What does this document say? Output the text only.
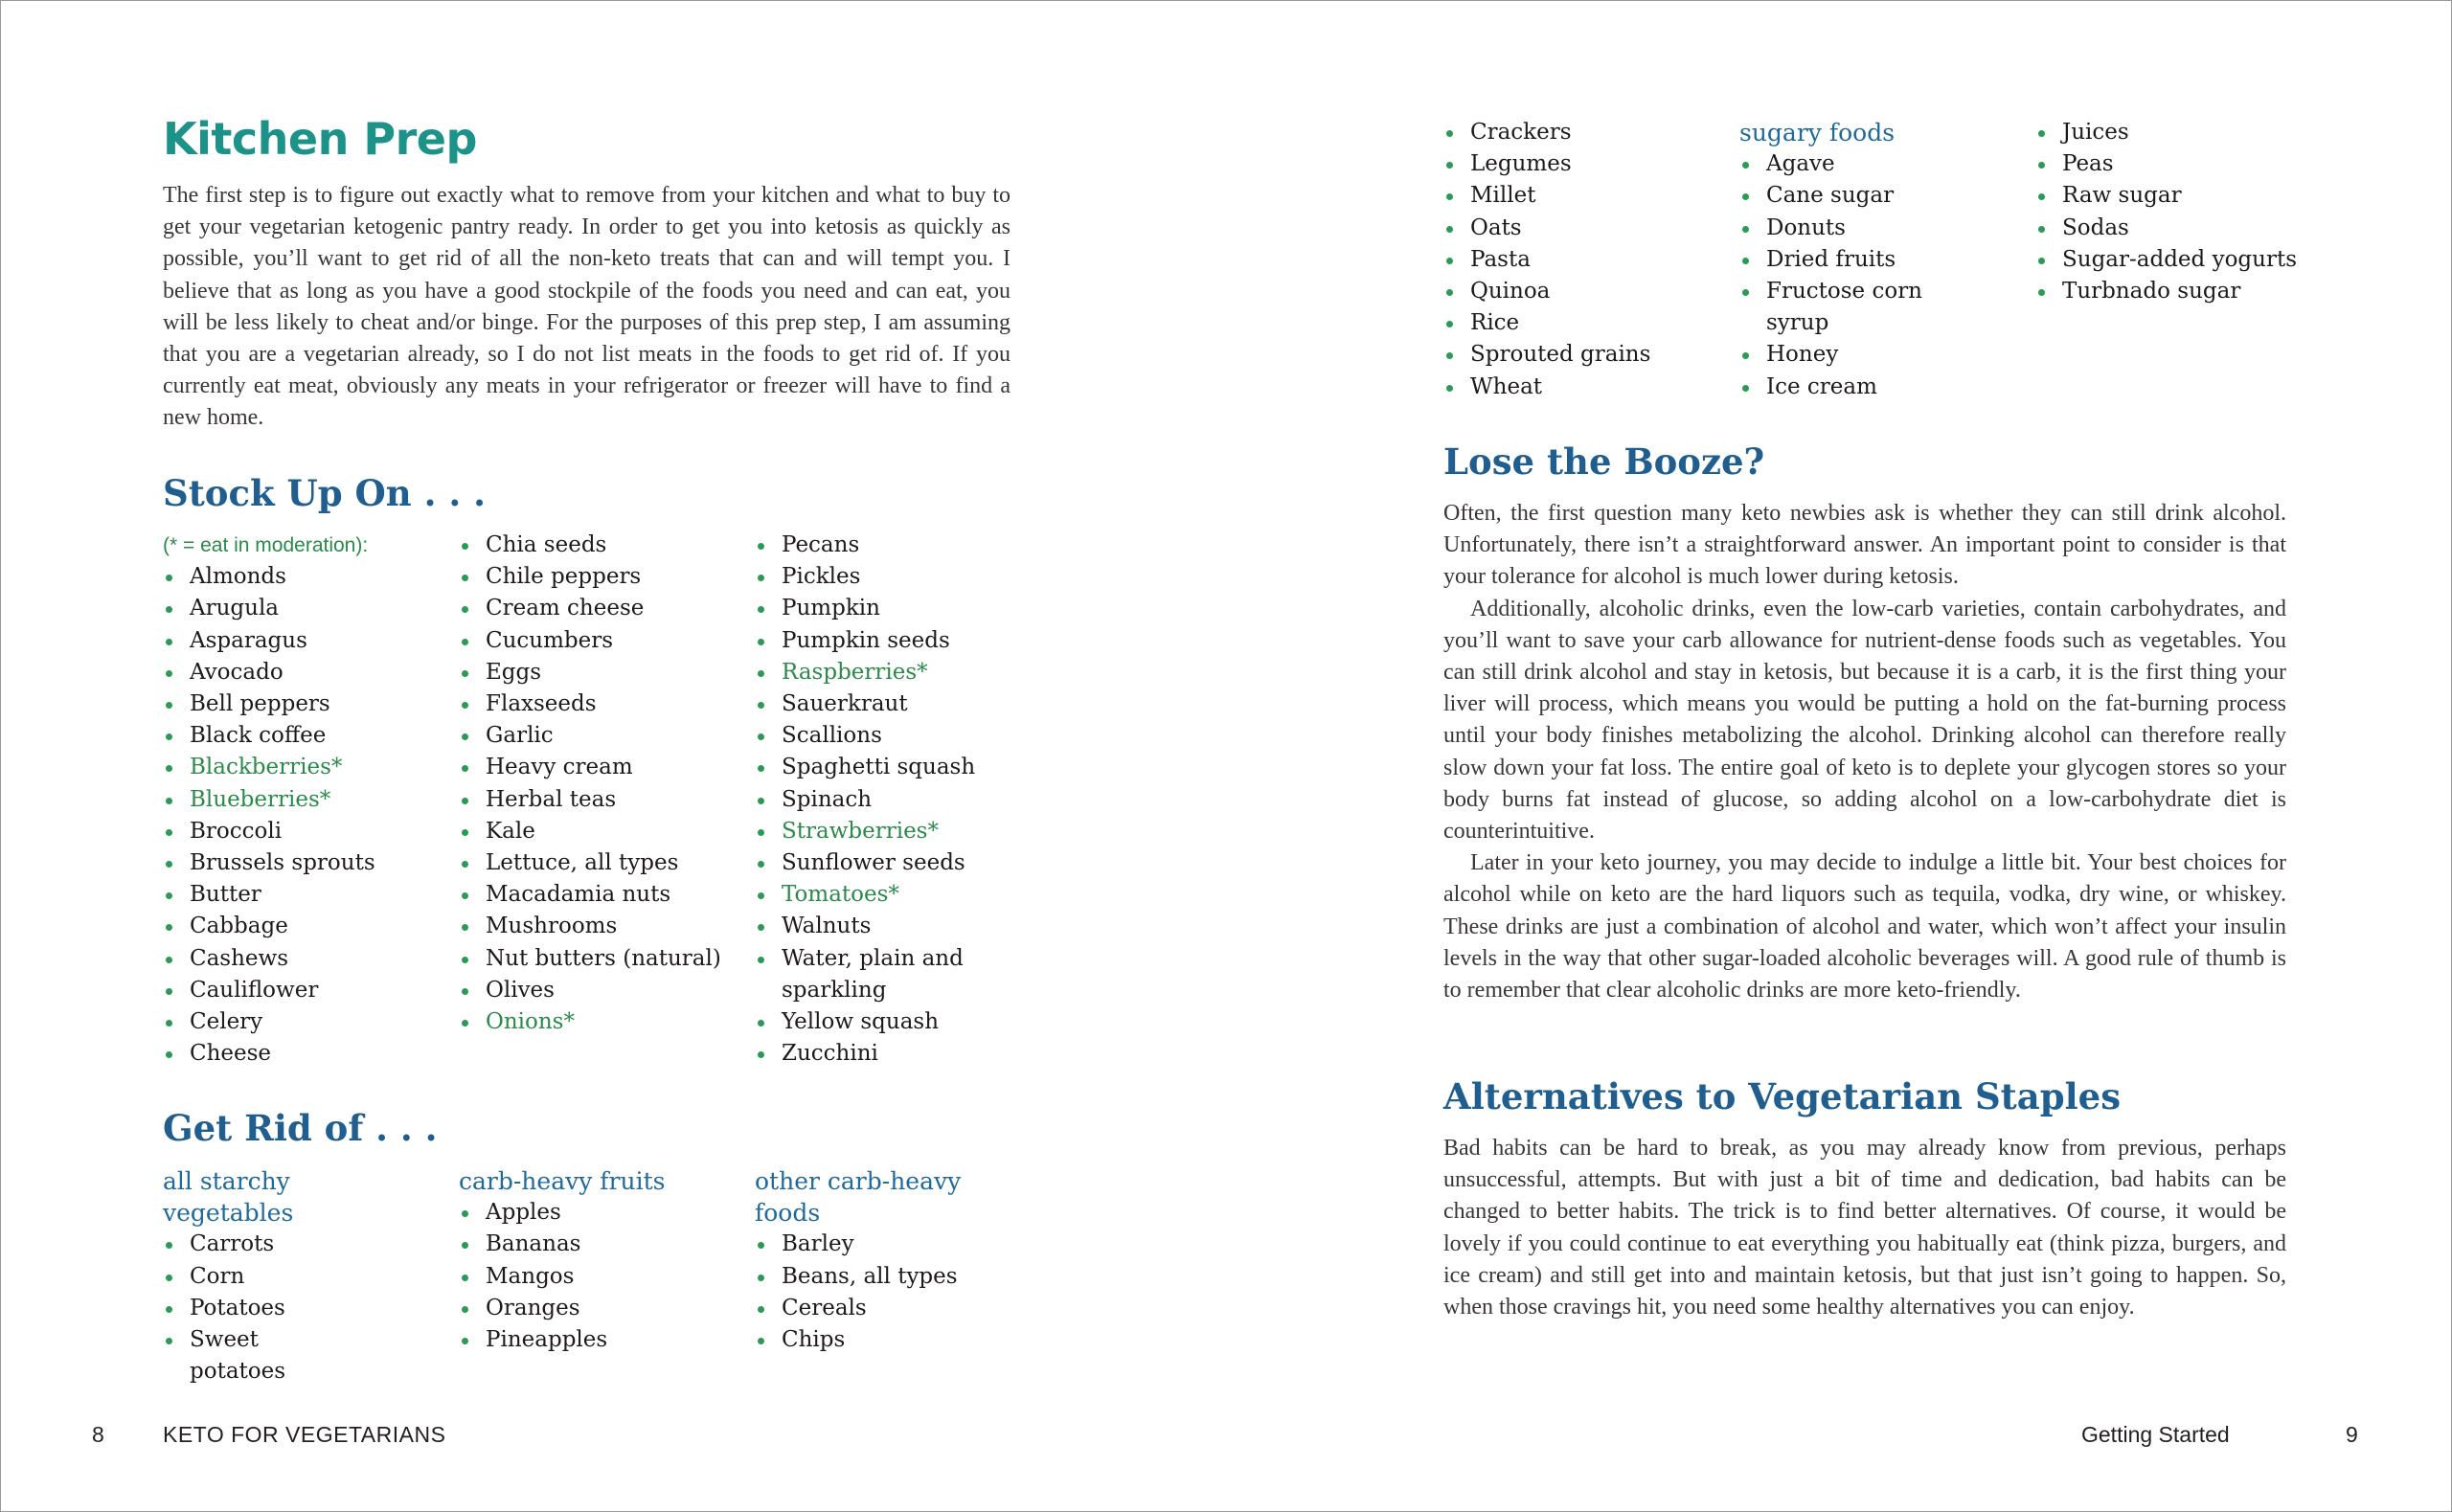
Kitchen Prep

The first step is to figure out exactly what to remove from your kitchen and what to buy to get your vegetarian ketogenic pantry ready. In order to get you into ketosis as quickly as possible, you’ll want to get rid of all the non-keto treats that can and will tempt you. I believe that as long as you have a good stockpile of the foods you need and can eat, you will be less likely to cheat and/or binge. For the purposes of this prep step, I am assuming that you are a vegetarian already, so I do not list meats in the foods to get rid of. If you currently eat meat, obviously any meats in your refrigerator or freezer will have to find a new home.

Stock Up On . . .
(* = eat in moderation):
Almonds
Arugula
Asparagus
Avocado
Bell peppers
Black coffee
Blackberries*
Blueberries*
Broccoli
Brussels sprouts
Butter
Cabbage
Cashews
Cauliflower
Celery
Cheese
Chia seeds
Chile peppers
Cream cheese
Cucumbers
Eggs
Flaxseeds
Garlic
Heavy cream
Herbal teas
Kale
Lettuce, all types
Macadamia nuts
Mushrooms
Nut butters (natural)
Olives
Onions*
Pecans
Pickles
Pumpkin
Pumpkin seeds
Raspberries*
Sauerkraut
Scallions
Spaghetti squash
Spinach
Strawberries*
Sunflower seeds
Tomatoes*
Walnuts
Water, plain and sparkling
Yellow squash
Zucchini
Get Rid of . . .
all starchy vegetables
Carrots
Corn
Potatoes
Sweet potatoes
carb-heavy fruits
Apples
Bananas
Mangos
Oranges
Pineapples
other carb-heavy foods
Barley
Beans, all types
Cereals
Chips
Crackers
Legumes
Millet
Oats
Pasta
Quinoa
Rice
Sprouted grains
Wheat
sugary foods
Agave
Cane sugar
Donuts
Dried fruits
Fructose corn syrup
Honey
Ice cream
Juices
Peas
Raw sugar
Sodas
Sugar-added yogurts
Turbnado sugar
Lose the Booze?

Often, the first question many keto newbies ask is whether they can still drink alcohol. Unfortunately, there isn’t a straightforward answer. An important point to consider is that your tolerance for alcohol is much lower during ketosis.

Additionally, alcoholic drinks, even the low-carb varieties, contain carbohydrates, and you’ll want to save your carb allowance for nutrient-dense foods such as vegetables. You can still drink alcohol and stay in ketosis, but because it is a carb, it is the first thing your liver will process, which means you would be putting a hold on the fat-burning process until your body finishes metabolizing the alcohol. Drinking alcohol can therefore really slow down your fat loss. The entire goal of keto is to deplete your glycogen stores so your body burns fat instead of glucose, so adding alcohol on a low-carbohydrate diet is counterintuitive.

Later in your keto journey, you may decide to indulge a little bit. Your best choices for alcohol while on keto are the hard liquors such as tequila, vodka, dry wine, or whiskey. These drinks are just a combination of alcohol and water, which won’t affect your insulin levels in the way that other sugar-loaded alcoholic beverages will. A good rule of thumb is to remember that clear alcoholic drinks are more keto-friendly.

Alternatives to Vegetarian Staples

Bad habits can be hard to break, as you may already know from previous, perhaps unsuccessful, attempts. But with just a bit of time and dedication, bad habits can be changed to better habits. The trick is to find better alternatives. Of course, it would be lovely if you could continue to eat everything you habitually eat (think pizza, burgers, and ice cream) and still get into and maintain ketosis, but that just isn’t going to happen. So, when those cravings hit, you need some healthy alternatives you can enjoy.

8	KETO FOR VEGETARIANS	Getting Started	9
